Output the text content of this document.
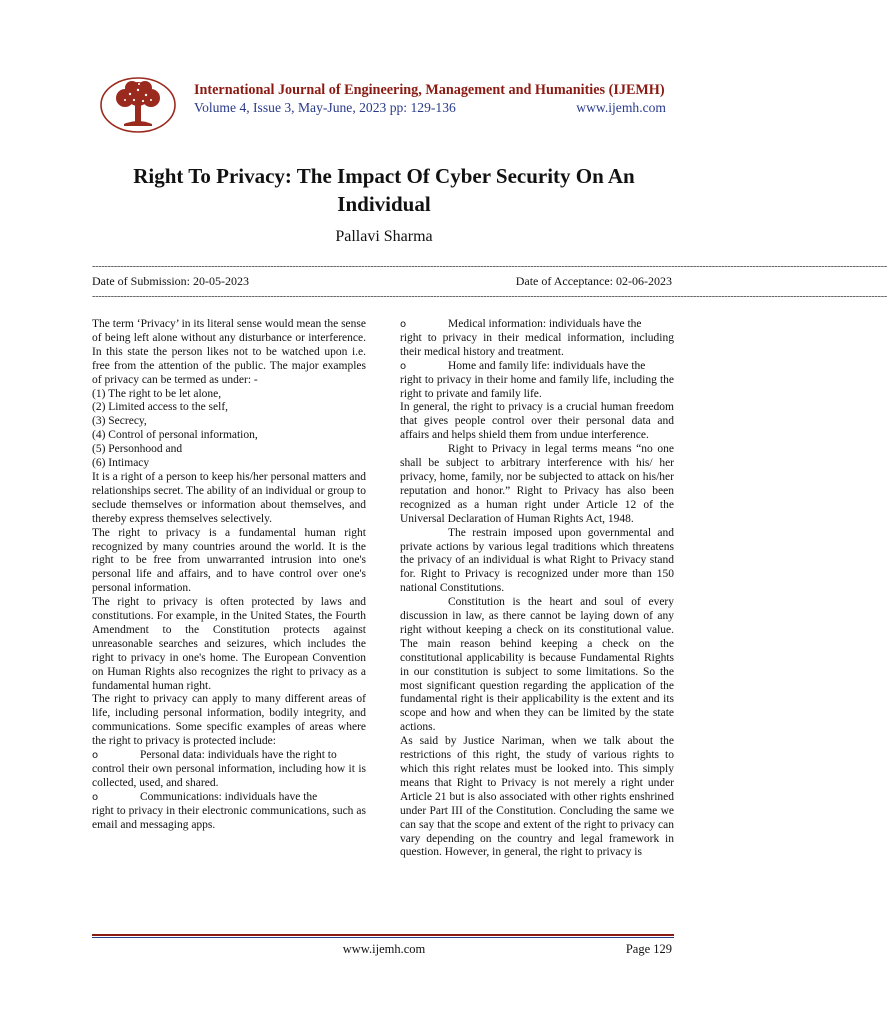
International Journal of Engineering, Management and Humanities (IJEMH)
Volume 4, Issue 3, May-June, 2023 pp: 129-136	www.ijemh.com
Right To Privacy: The Impact Of Cyber Security On An Individual
Pallavi Sharma
--------------------------------------------------------------------------------------------------------------------------------------------------------------------------------------------------------------------------------------------------------------
Date of Submission: 20-05-2023	Date of Acceptance: 02-06-2023
--------------------------------------------------------------------------------------------------------------------------------------------------------------------------------------------------------------------------------------------------------------

The term ‘Privacy’ in its literal sense would mean the sense of being left alone without any disturbance or interference. In this state the person likes not to be watched upon i.e. free from the attention of the public. The major examples of privacy can be termed as under: -

(1) The right to be let alone,

(2) Limited access to the self,

(3) Secrecy,

(4) Control of personal information,

(5) Personhood and

(6) Intimacy

It is a right of a person to keep his/her personal matters and relationships secret. The ability of an individual or group to seclude themselves or information about themselves, and thereby express themselves selectively.

The right to privacy is a fundamental human right recognized by many countries around the world. It is the right to be free from unwarranted intrusion into one's personal life and affairs, and to have control over one's personal information.

The right to privacy is often protected by laws and constitutions. For example, in the United States, the Fourth Amendment to the Constitution protects against unreasonable searches and seizures, which includes the right to privacy in one's home. The European Convention on Human Rights also recognizes the right to privacy as a fundamental human right.

The right to privacy can apply to many different areas of life, including personal information, bodily integrity, and communications. Some specific examples of areas where the right to privacy is protected include:

o	Personal data: individuals have the right to

control their own personal information, including how it is collected, used, and shared.

o	Communications: individuals have the

right to privacy in their electronic communications, such as email and messaging apps.

o	Medical information: individuals have the

right to privacy in their medical information, including their medical history and treatment.

o	Home and family life: individuals have the

right to privacy in their home and family life, including the right to private and family life.

In general, the right to privacy is a crucial human freedom that gives people control over their personal data and affairs and helps shield them from undue interference.

Right to Privacy in legal terms means “no one shall be subject to arbitrary interference with his/ her privacy, home, family, nor be subjected to attack on his/her reputation and honor.” Right to Privacy has also been recognized as a human right under Article 12 of the Universal Declaration of Human Rights Act, 1948.

The restrain imposed upon governmental and private actions by various legal traditions which threatens the privacy of an individual is what Right to Privacy stand for. Right to Privacy is recognized under more than 150 national Constitutions.

Constitution is the heart and soul of every discussion in law, as there cannot be laying down of any right without keeping a check on its constitutional value. The main reason behind keeping a check on the constitutional applicability is because Fundamental Rights in our constitution is subject to some limitations. So the most significant question regarding the application of the fundamental right is their applicability is the extent and its scope and how and when they can be limited by the state actions.

As said by Justice Nariman, when we talk about the restrictions of this right, the study of various rights to which this right relates must be looked into. This simply means that Right to Privacy is not merely a right under Article 21 but is also associated with other rights enshrined under Part III of the Constitution. Concluding the same we can say that the scope and extent of the right to privacy can vary depending on the country and legal framework in question. However, in general, the right to privacy is

www.ijemh.com	Page 129
